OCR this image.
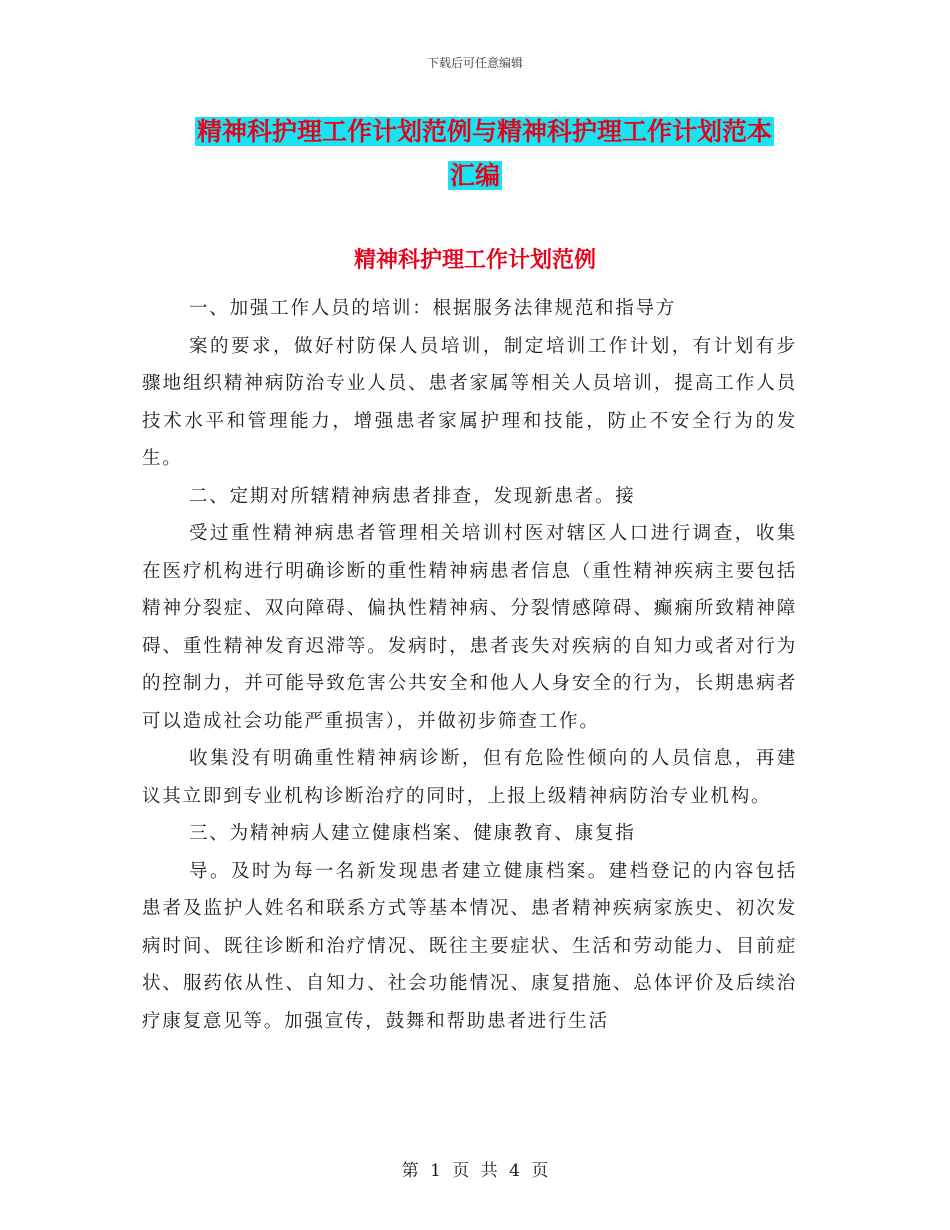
下载后可任意编辑
精神科护理工作计划范例与精神科护理工作计划范本
汇编
精神科护理工作计划范例

一、加强工作人员的培训：根据服务法律规范和指导方

案的要求，做好村防保人员培训，制定培训工作计划，有计划有步骤地组织精神病防治专业人员、患者家属等相关人员培训，提高工作人员技术水平和管理能力，增强患者家属护理和技能，防止不安全行为的发生。

二、定期对所辖精神病患者排查，发现新患者。接

受过重性精神病患者管理相关培训村医对辖区人口进行调查，收集在医疗机构进行明确诊断的重性精神病患者信息（重性精神疾病主要包括精神分裂症、双向障碍、偏执性精神病、分裂情感障碍、癫痫所致精神障碍、重性精神发育迟滞等。发病时，患者丧失对疾病的自知力或者对行为的控制力，并可能导致危害公共安全和他人人身安全的行为，长期患病者可以造成社会功能严重损害），并做初步筛查工作。

收集没有明确重性精神病诊断，但有危险性倾向的人员信息，再建议其立即到专业机构诊断治疗的同时，上报上级精神病防治专业机构。

三、为精神病人建立健康档案、健康教育、康复指

导。及时为每一名新发现患者建立健康档案。建档登记的内容包括患者及监护人姓名和联系方式等基本情况、患者精神疾病家族史、初次发病时间、既往诊断和治疗情况、既往主要症状、生活和劳动能力、目前症状、服药依从性、自知力、社会功能情况、康复措施、总体评价及后续治疗康复意见等。加强宣传，鼓舞和帮助患者进行生活

第 1 页 共 4 页
